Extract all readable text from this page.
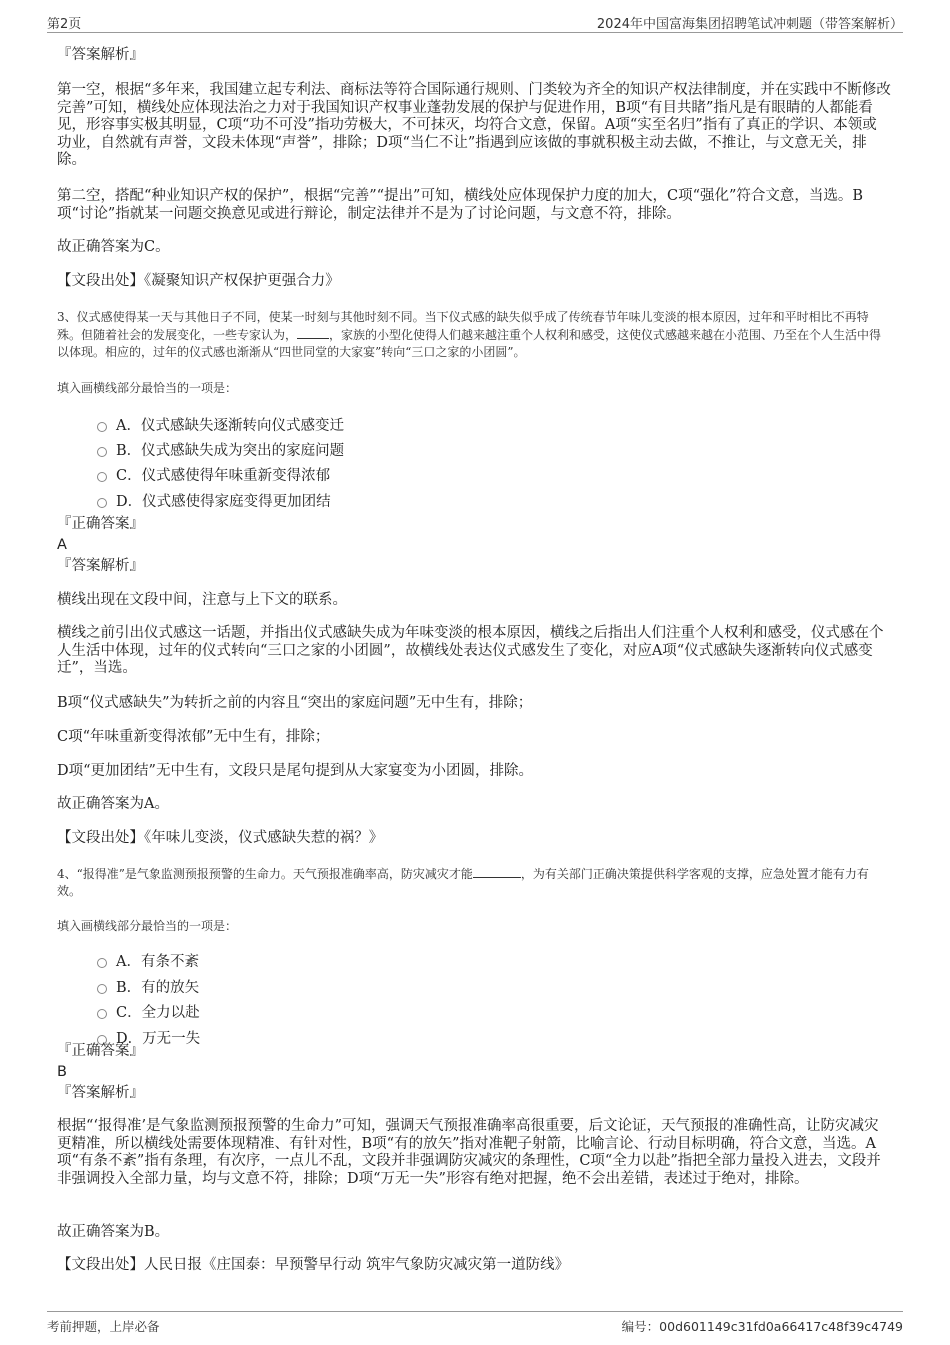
第2页	2024年中国富海集团招聘笔试冲刺题（带答案解析）

『答案解析』

第一空，根据“多年来，我国建立起专利法、商标法等符合国际通行规则、门类较为齐全的知识产权法律制度，并在实践中不断修改完善”可知，横线处应体现法治之力对于我国知识产权事业蓬勃发展的保护与促进作用，B项“有目共睹”指凡是有眼睛的人都能看见，形容事实极其明显，C项“功不可没”指功劳极大，不可抹灭，均符合文意，保留。A项“实至名归”指有了真正的学识、本领或功业，自然就有声誉，文段未体现“声誉”，排除；D项“当仁不让”指遇到应该做的事就积极主动去做，不推让，与文意无关，排除。

第二空，搭配“种业知识产权的保护”，根据“完善”“提出”可知，横线处应体现保护力度的加大，C项“强化”符合文意，当选。B项“讨论”指就某一问题交换意见或进行辩论，制定法律并不是为了讨论问题，与文意不符，排除。

故正确答案为C。

【文段出处】《凝聚知识产权保护更强合力》

3、仪式感使得某一天与其他日子不同，使某一时刻与其他时刻不同。当下仪式感的缺失似乎成了传统春节年味儿变淡的根本原因，过年和平时相比不再特殊。但随着社会的发展变化，一些专家认为，	，家族的小型化使得人们越来越注重个人权利和感受，这使仪式感越来越在小范围、乃至在个人生活中得以体现。相应的，过年的仪式感也渐渐从“四世同堂的大家宴”转向“三口之家的小团圆”。

填入画横线部分最恰当的一项是：

A．仪式感缺失逐渐转向仪式感变迁
B．仪式感缺失成为突出的家庭问题
C．仪式感使得年味重新变得浓郁
D．仪式感使得家庭变得更加团结

『正确答案』

A

『答案解析』

横线出现在文段中间，注意与上下文的联系。

横线之前引出仪式感这一话题，并指出仪式感缺失成为年味变淡的根本原因，横线之后指出人们注重个人权利和感受，仪式感在个人生活中体现，过年的仪式转向“三口之家的小团圆”，故横线处表达仪式感发生了变化，对应A项“仪式感缺失逐渐转向仪式感变迁”，当选。

B项“仪式感缺失”为转折之前的内容且“突出的家庭问题”无中生有，排除；

C项“年味重新变得浓郁”无中生有，排除；

D项“更加团结”无中生有，文段只是尾句提到从大家宴变为小团圆，排除。

故正确答案为A。

【文段出处】《年味儿变淡，仪式感缺失惹的祸？》

4、“报得准”是气象监测预报预警的生命力。天气预报准确率高，防灾减灾才能	，为有关部门正确决策提供科学客观的支撑，应急处置才能有力有效。

填入画横线部分最恰当的一项是：

A．有条不紊
B．有的放矢
C．全力以赴
D．万无一失

『正确答案』

B

『答案解析』

根据“‘报得准’是气象监测预报预警的生命力”可知，强调天气预报准确率高很重要，后文论证，天气预报的准确性高，让防灾减灾更精准，所以横线处需要体现精准、有针对性，B项“有的放矢”指对准靶子射箭，比喻言论、行动目标明确，符合文意，当选。A项“有条不紊”指有条理，有次序，一点儿不乱，文段并非强调防灾减灾的条理性，C项“全力以赴”指把全部力量投入进去，文段并非强调投入全部力量，均与文意不符，排除；D项“万无一失”形容有绝对把握，绝不会出差错，表述过于绝对，排除。

故正确答案为B。

【文段出处】人民日报《庄国泰：早预警早行动 筑牢气象防灾减灾第一道防线》

考前押题，上岸必备	编号：00d601149c31fd0a66417c48f39c4749
